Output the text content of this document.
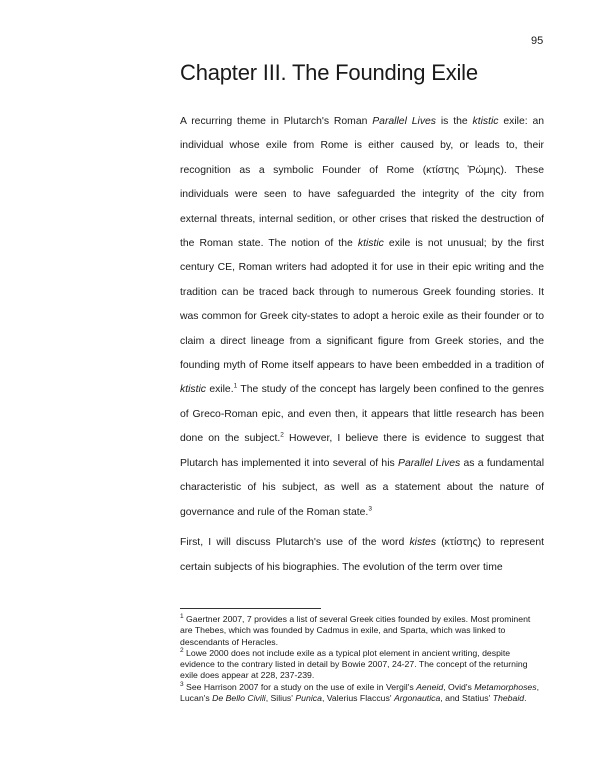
95
Chapter III. The Founding Exile

A recurring theme in Plutarch's Roman Parallel Lives is the ktistic exile: an individual whose exile from Rome is either caused by, or leads to, their recognition as a symbolic Founder of Rome (κτίστης Ῥώμης). These individuals were seen to have safeguarded the integrity of the city from external threats, internal sedition, or other crises that risked the destruction of the Roman state. The notion of the ktistic exile is not unusual; by the first century CE, Roman writers had adopted it for use in their epic writing and the tradition can be traced back through to numerous Greek founding stories. It was common for Greek city-states to adopt a heroic exile as their founder or to claim a direct lineage from a significant figure from Greek stories, and the founding myth of Rome itself appears to have been embedded in a tradition of ktistic exile.$^1$ The study of the concept has largely been confined to the genres of Greco-Roman epic, and even then, it appears that little research has been done on the subject.$^2$ However, I believe there is evidence to suggest that Plutarch has implemented it into several of his Parallel Lives as a fundamental characteristic of his subject, as well as a statement about the nature of governance and rule of the Roman state.$^3$

First, I will discuss Plutarch's use of the word kistes (κτίστης) to represent certain subjects of his biographies. The evolution of the term over time

$^1$ Gaertner 2007, 7 provides a list of several Greek cities founded by exiles. Most prominent are Thebes, which was founded by Cadmus in exile, and Sparta, which was linked to descendants of Heracles.

$^2$ Lowe 2000 does not include exile as a typical plot element in ancient writing, despite evidence to the contrary listed in detail by Bowie 2007, 24-27. The concept of the returning exile does appear at 228, 237-239.

$^3$ See Harrison 2007 for a study on the use of exile in Vergil's Aeneid, Ovid's Metamorphoses, Lucan's De Bello Civili, Silius' Punica, Valerius Flaccus' Argonautica, and Statius' Thebaid.
